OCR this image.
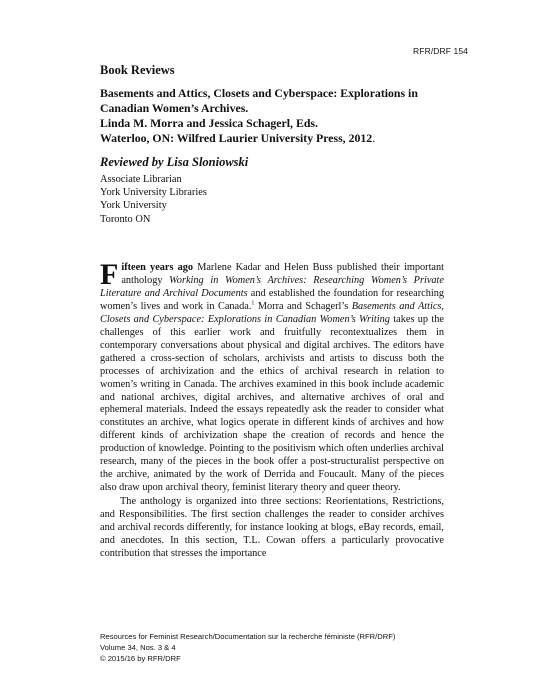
RFR/DRF 154
Book Reviews
Basements and Attics, Closets and Cyberspace: Explorations in
Canadian Women’s Archives.
Linda M. Morra and Jessica Schagerl, Eds.
Waterloo, ON: Wilfred Laurier University Press, 2012.
Reviewed by Lisa Sloniowski
Associate Librarian
York University Libraries
York University
Toronto ON

Fifteen years ago Marlene Kadar and Helen Buss published their important anthology Working in Women’s Archives: Researching Women’s Private Literature and Archival Documents and established the foundation for researching women’s lives and work in Canada.$^1$ Morra and Schagerl’s Basements and Attics, Closets and Cyberspace: Explorations in Canadian Women’s Writing takes up the challenges of this earlier work and fruitfully recontextualizes them in contemporary conversations about physical and digital archives. The editors have gathered a cross-section of scholars, archivists and artists to discuss both the processes of archivization and the ethics of archival research in relation to women’s writing in Canada. The archives examined in this book include academic and national archives, digital archives, and alternative archives of oral and ephemeral materials. Indeed the essays repeatedly ask the reader to consider what constitutes an archive, what logics operate in different kinds of archives and how different kinds of archivization shape the creation of records and hence the production of knowledge. Pointing to the positivism which often underlies archival research, many of the pieces in the book offer a post-structuralist perspective on the archive, animated by the work of Derrida and Foucault. Many of the pieces also draw upon archival theory, feminist literary theory and queer theory.

The anthology is organized into three sections: Reorientations, Restrictions, and Responsibilities. The first section challenges the reader to consider archives and archival records differently, for instance looking at blogs, eBay records, email, and anecdotes. In this section, T.L. Cowan offers a particularly provocative contribution that stresses the importance

Resources for Feminist Research/Documentation sur la recherche féministe (RFR/DRF)
Volume 34, Nos. 3 & 4
© 2015/16 by RFR/DRF
